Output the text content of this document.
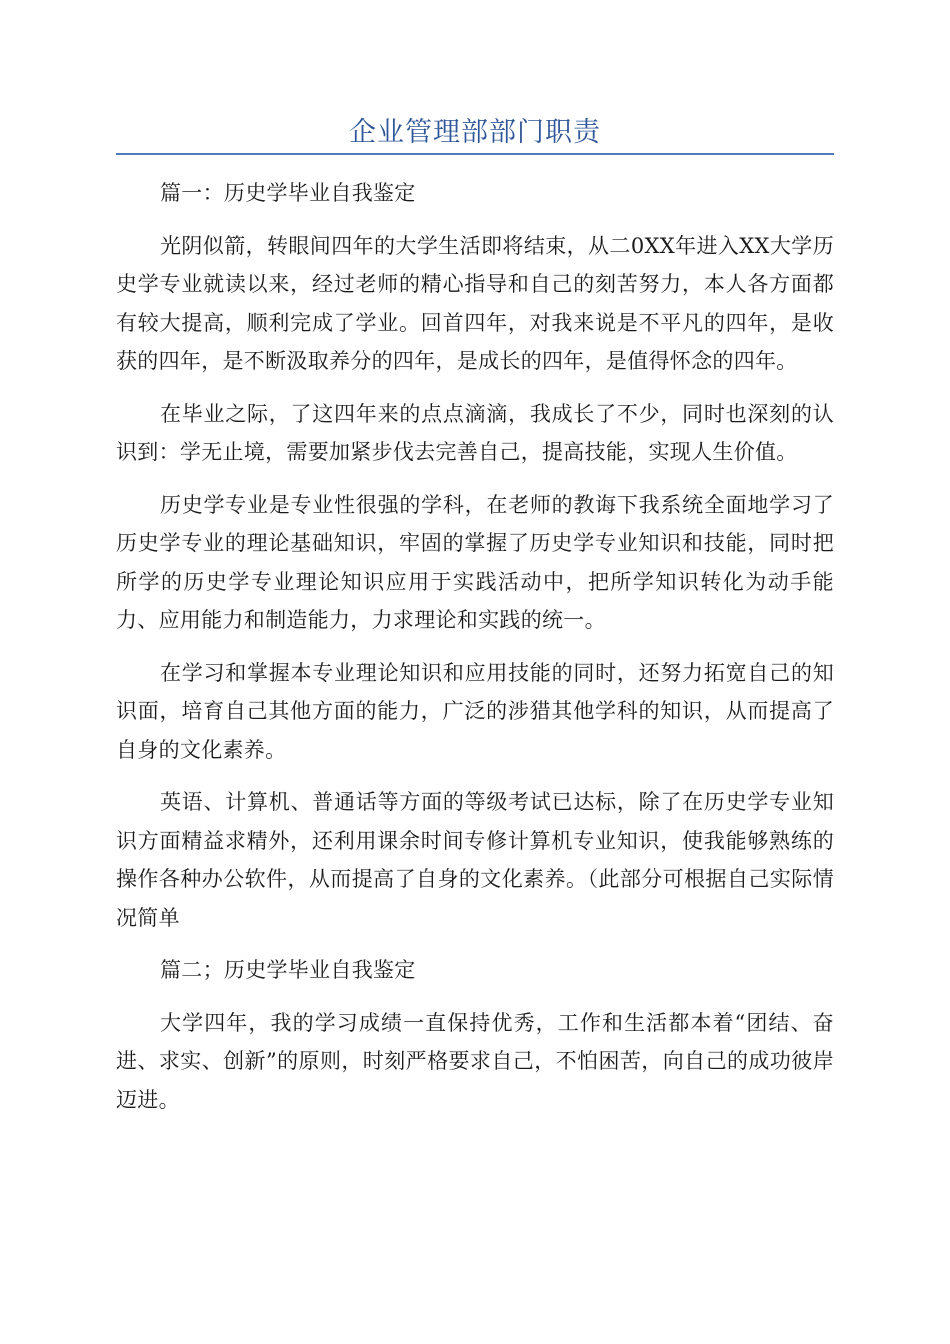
企业管理部部门职责

篇一：历史学毕业自我鉴定

光阴似箭，转眼间四年的大学生活即将结束，从二0XX年进入XX大学历史学专业就读以来，经过老师的精心指导和自己的刻苦努力，本人各方面都有较大提高，顺利完成了学业。回首四年，对我来说是不平凡的四年，是收获的四年，是不断汲取养分的四年，是成长的四年，是值得怀念的四年。

在毕业之际，了这四年来的点点滴滴，我成长了不少，同时也深刻的认识到：学无止境，需要加紧步伐去完善自己，提高技能，实现人生价值。

历史学专业是专业性很强的学科，在老师的教诲下我系统全面地学习了历史学专业的理论基础知识，牢固的掌握了历史学专业知识和技能，同时把所学的历史学专业理论知识应用于实践活动中，把所学知识转化为动手能力、应用能力和制造能力，力求理论和实践的统一。

在学习和掌握本专业理论知识和应用技能的同时，还努力拓宽自己的知识面，培育自己其他方面的能力，广泛的涉猎其他学科的知识，从而提高了自身的文化素养。

英语、计算机、普通话等方面的等级考试已达标，除了在历史学专业知识方面精益求精外，还利用课余时间专修计算机专业知识，使我能够熟练的操作各种办公软件，从而提高了自身的文化素养。（此部分可根据自己实际情况简单

篇二；历史学毕业自我鉴定

大学四年，我的学习成绩一直保持优秀，工作和生活都本着“团结、奋进、求实、创新”的原则，时刻严格要求自己，不怕困苦，向自己的成功彼岸迈进。
